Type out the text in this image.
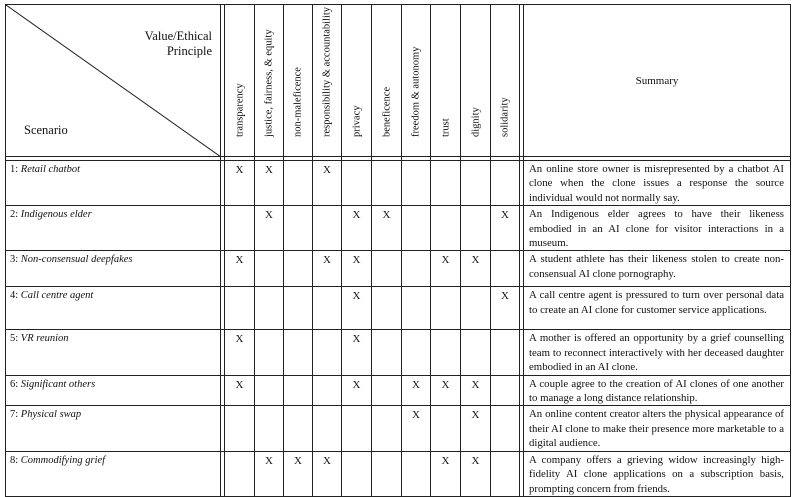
Value/Ethical
Principle
Scenario		transparency	justice, fairness, & equity	non-maleficence	responsibility & accountability	privacy	beneficence	freedom & autonomy	trust	dignity	solidarity		Summary

1: Retail chatbot		X	X		X								An online store owner is misrepresented by a chatbot AI clone when the clone issues a response the source individual would not normally say.
2: Indigenous elder			X			X	X				X		An Indigenous elder agrees to have their likeness embodied in an AI clone for visitor interactions in a museum.
3: Non-consensual deepfakes		X			X	X			X	X			A student athlete has their likeness stolen to create non-consensual AI clone pornography.
4: Call centre agent						X					X		A call centre agent is pressured to turn over personal data to create an AI clone for customer service applications.
5: VR reunion		X				X							A mother is offered an opportunity by a grief counselling team to reconnect interactively with her deceased daughter embodied in an AI clone.
6: Significant others		X				X		X	X	X			A couple agree to the creation of AI clones of one another to manage a long distance relationship.
7: Physical swap								X		X			An online content creator alters the physical appearance of their AI clone to make their presence more marketable to a digital audience.
8: Commodifying grief			X	X	X				X	X			A company offers a grieving widow increasingly high-fidelity AI clone applications on a subscription basis, prompting concern from friends.
